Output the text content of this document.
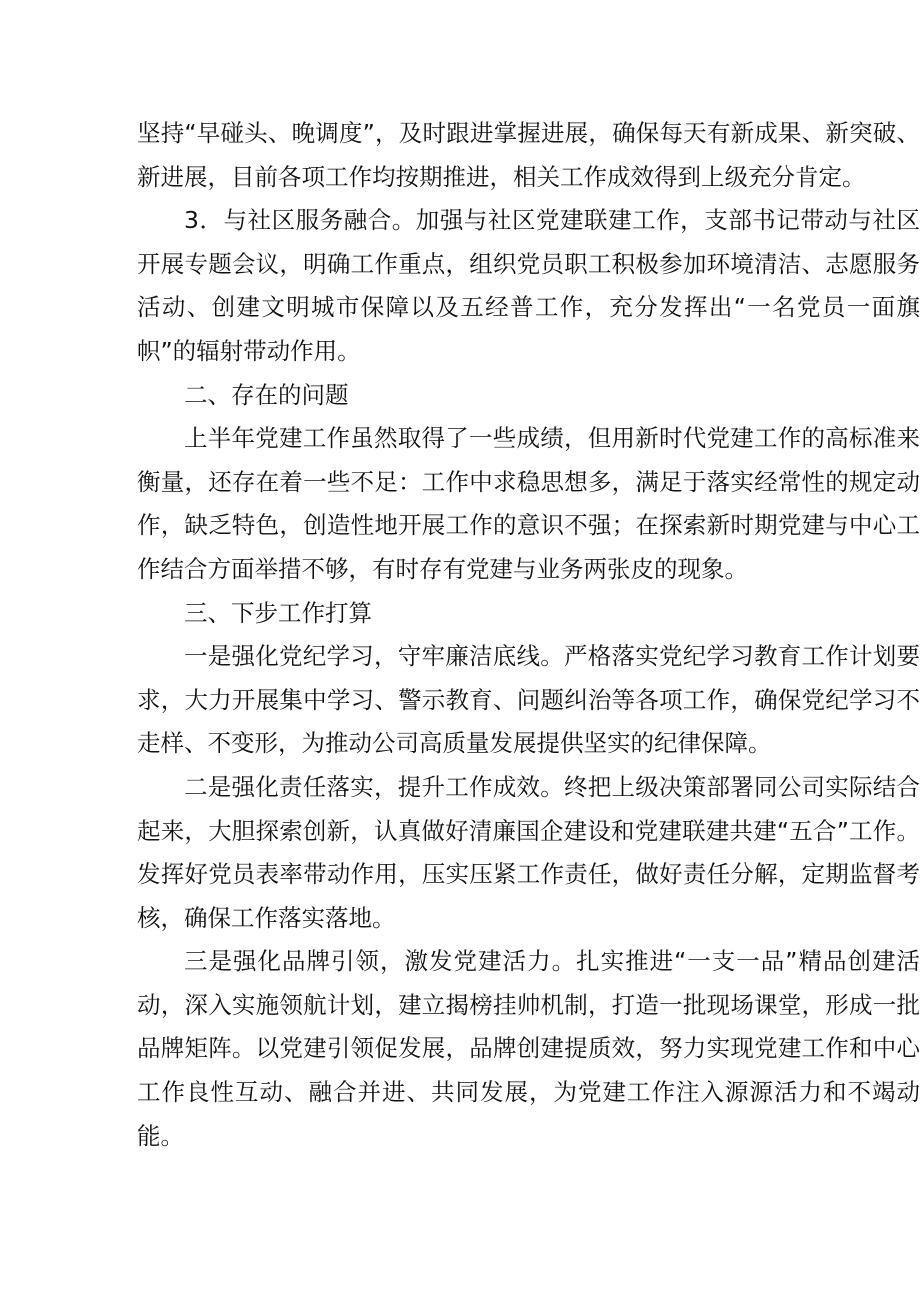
坚持“早碰头、晚调度”，及时跟进掌握进展，确保每天有新成果、新突破、新进展，目前各项工作均按期推进，相关工作成效得到上级充分肯定。

3．与社区服务融合。加强与社区党建联建工作，支部书记带动与社区开展专题会议，明确工作重点，组织党员职工积极参加环境清洁、志愿服务活动、创建文明城市保障以及五经普工作，充分发挥出“一名党员一面旗帜”的辐射带动作用。

二、存在的问题

上半年党建工作虽然取得了一些成绩，但用新时代党建工作的高标准来衡量，还存在着一些不足：工作中求稳思想多，满足于落实经常性的规定动作，缺乏特色，创造性地开展工作的意识不强；在探索新时期党建与中心工作结合方面举措不够，有时存有党建与业务两张皮的现象。

三、下步工作打算

一是强化党纪学习，守牢廉洁底线。严格落实党纪学习教育工作计划要求，大力开展集中学习、警示教育、问题纠治等各项工作，确保党纪学习不走样、不变形，为推动公司高质量发展提供坚实的纪律保障。

二是强化责任落实，提升工作成效。终把上级决策部署同公司实际结合起来，大胆探索创新，认真做好清廉国企建设和党建联建共建“五合”工作。发挥好党员表率带动作用，压实压紧工作责任，做好责任分解，定期监督考核，确保工作落实落地。

三是强化品牌引领，激发党建活力。扎实推进“一支一品”精品创建活动，深入实施领航计划，建立揭榜挂帅机制，打造一批现场课堂，形成一批品牌矩阵。以党建引领促发展，品牌创建提质效，努力实现党建工作和中心工作良性互动、融合并进、共同发展，为党建工作注入源源活力和不竭动能。
